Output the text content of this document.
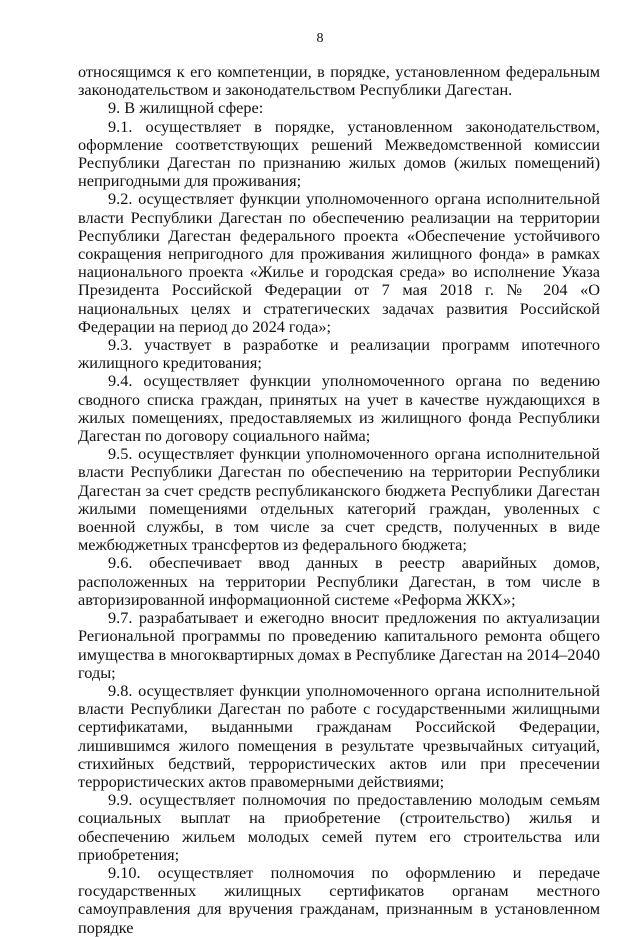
8

относящимся к его компетенции, в порядке, установленном федеральным законодательством и законодательством Республики Дагестан.

9. В жилищной сфере:

9.1. осуществляет в порядке, установленном законодательством, оформление соответствующих решений Межведомственной комиссии Республики Дагестан по признанию жилых домов (жилых помещений) непригодными для проживания;

9.2. осуществляет функции уполномоченного органа исполнительной власти Республики Дагестан по обеспечению реализации на территории Республики Дагестан федерального проекта «Обеспечение устойчивого сокращения непригодного для проживания жилищного фонда» в рамках национального проекта «Жилье и городская среда» во исполнение Указа Президента Российской Федерации от 7 мая 2018 г. № 204 «О национальных целях и стратегических задачах развития Российской Федерации на период до 2024 года»;

9.3. участвует в разработке и реализации программ ипотечного жилищного кредитования;

9.4. осуществляет функции уполномоченного органа по ведению сводного списка граждан, принятых на учет в качестве нуждающихся в жилых помещениях, предоставляемых из жилищного фонда Республики Дагестан по договору социального найма;

9.5. осуществляет функции уполномоченного органа исполнительной власти Республики Дагестан по обеспечению на территории Республики Дагестан за счет средств республиканского бюджета Республики Дагестан жилыми помещениями отдельных категорий граждан, уволенных с военной службы, в том числе за счет средств, полученных в виде межбюджетных трансфертов из федерального бюджета;

9.6. обеспечивает ввод данных в реестр аварийных домов, расположенных на территории Республики Дагестан, в том числе в авторизированной информационной системе «Реформа ЖКХ»;

9.7. разрабатывает и ежегодно вносит предложения по актуализации Региональной программы по проведению капитального ремонта общего имущества в многоквартирных домах в Республике Дагестан на 2014–2040 годы;

9.8. осуществляет функции уполномоченного органа исполнительной власти Республики Дагестан по работе с государственными жилищными сертификатами, выданными гражданам Российской Федерации, лишившимся жилого помещения в результате чрезвычайных ситуаций, стихийных бедствий, террористических актов или при пресечении террористических актов правомерными действиями;

9.9. осуществляет полномочия по предоставлению молодым семьям социальных выплат на приобретение (строительство) жилья и обеспечению жильем молодых семей путем его строительства или приобретения;

9.10. осуществляет полномочия по оформлению и передаче государственных жилищных сертификатов органам местного самоуправления для вручения гражданам, признанным в установленном порядке
